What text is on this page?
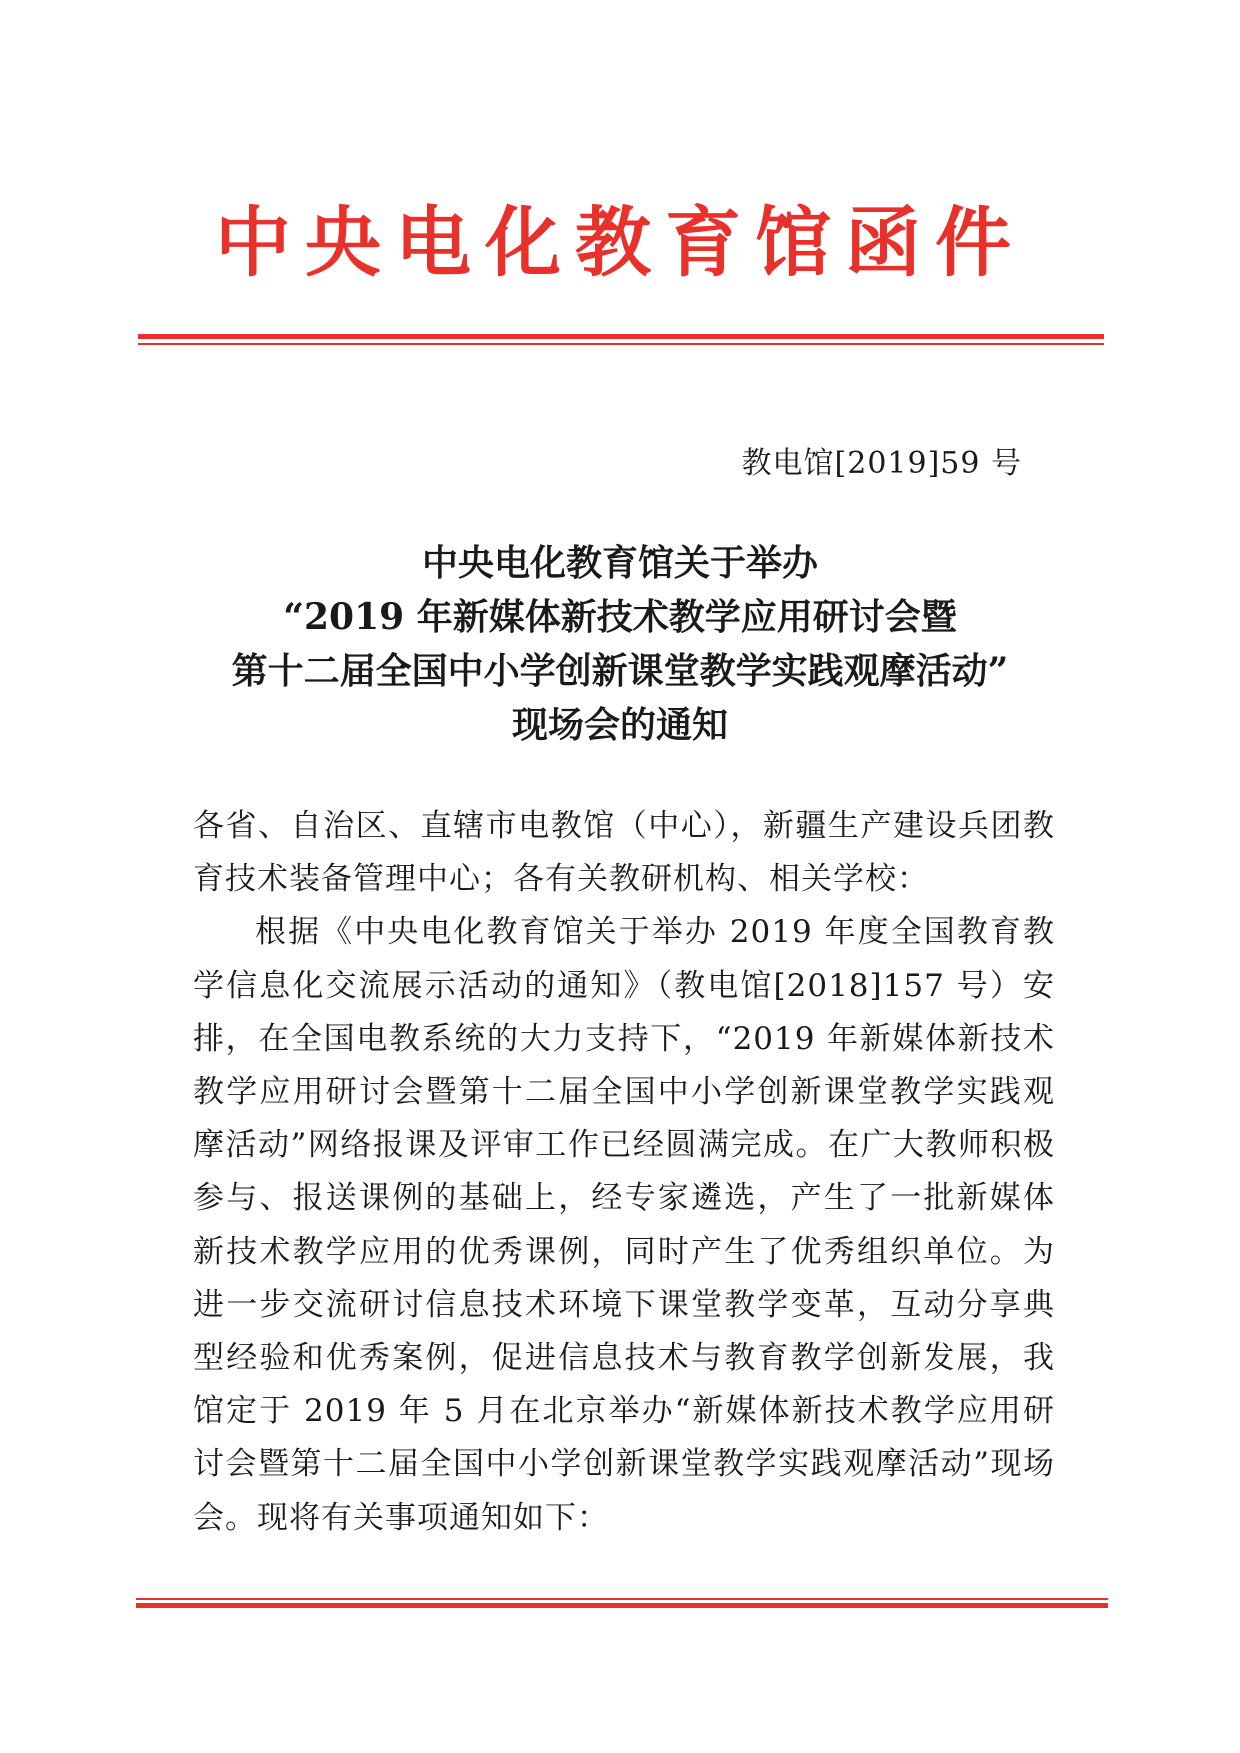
中央电化教育馆函件
教电馆[2019]59 号
中央电化教育馆关于举办
“2019 年新媒体新技术教学应用研讨会暨
第十二届全国中小学创新课堂教学实践观摩活动”
现场会的通知

各省、自治区、直辖市电教馆（中心），新疆生产建设兵团教育技术装备管理中心；各有关教研机构、相关学校：

根据《中央电化教育馆关于举办 2019 年度全国教育教学信息化交流展示活动的通知》（教电馆[2018]157 号）安排，在全国电教系统的大力支持下，“2019 年新媒体新技术教学应用研讨会暨第十二届全国中小学创新课堂教学实践观摩活动”网络报课及评审工作已经圆满完成。在广大教师积极参与、报送课例的基础上，经专家遴选，产生了一批新媒体新技术教学应用的优秀课例，同时产生了优秀组织单位。为进一步交流研讨信息技术环境下课堂教学变革，互动分享典型经验和优秀案例，促进信息技术与教育教学创新发展，我馆定于 2019 年 5 月在北京举办“新媒体新技术教学应用研讨会暨第十二届全国中小学创新课堂教学实践观摩活动”现场会。现将有关事项通知如下：
